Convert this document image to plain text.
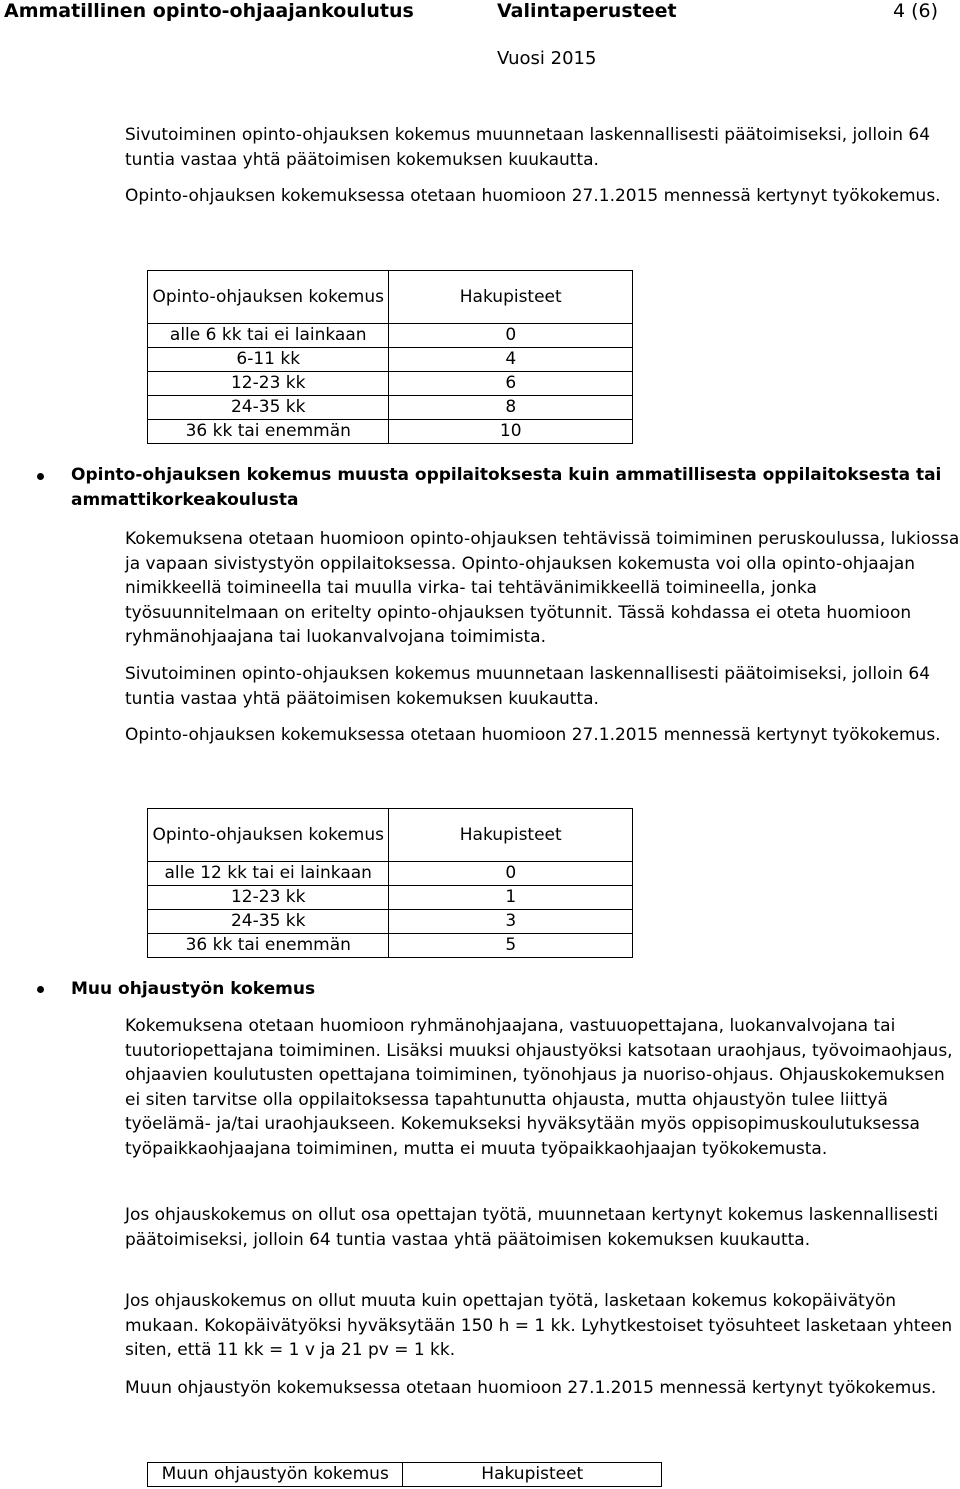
Ammatillinen opinto-ohjaajankoulutus	Valintaperusteet	4 (6)
Vuosi 2015

Sivutoiminen opinto-ohjauksen kokemus muunnetaan laskennallisesti päätoimiseksi, jolloin 64 tuntia vastaa yhtä päätoimisen kokemuksen kuukautta.

Opinto-ohjauksen kokemuksessa otetaan huomioon 27.1.2015 mennessä kertynyt työkokemus.

Opinto-ohjauksen kokemus	Hakupisteet
alle 6 kk tai ei lainkaan	0
6-11 kk	4
12-23 kk	6
24-35 kk	8
36 kk tai enemmän	10

Opinto-ohjauksen kokemus muusta oppilaitoksesta kuin ammatillisesta oppilaitoksesta tai ammattikorkeakoulusta

Kokemuksena otetaan huomioon opinto-ohjauksen tehtävissä toimiminen peruskoulussa, lukiossa ja vapaan sivistystyön oppilaitoksessa. Opinto-ohjauksen kokemusta voi olla opinto-ohjaajan nimikkeellä toimineella tai muulla virka- tai tehtävänimikkeellä toimineella, jonka työsuunnitelmaan on eritelty opinto-ohjauksen työtunnit. Tässä kohdassa ei oteta huomioon ryhmänohjaajana tai luokanvalvojana toimimista.

Sivutoiminen opinto-ohjauksen kokemus muunnetaan laskennallisesti päätoimiseksi, jolloin 64 tuntia vastaa yhtä päätoimisen kokemuksen kuukautta.

Opinto-ohjauksen kokemuksessa otetaan huomioon 27.1.2015 mennessä kertynyt työkokemus.

Opinto-ohjauksen kokemus	Hakupisteet
alle 12 kk tai ei lainkaan	0
12-23 kk	1
24-35 kk	3
36 kk tai enemmän	5

Muu ohjaustyön kokemus

Kokemuksena otetaan huomioon ryhmänohjaajana, vastuuopettajana, luokanvalvojana tai tuutoriopettajana toimiminen. Lisäksi muuksi ohjaustyöksi katsotaan uraohjaus, työvoimaohjaus, ohjaavien koulutusten opettajana toimiminen, työnohjaus ja nuoriso-ohjaus. Ohjauskokemuksen ei siten tarvitse olla oppilaitoksessa tapahtunutta ohjausta, mutta ohjaustyön tulee liittyä työelämä- ja/tai uraohjaukseen. Kokemukseksi hyväksytään myös oppisopimuskoulutuksessa työpaikkaohjaajana toimiminen, mutta ei muuta työpaikkaohjaajan työkokemusta.

Jos ohjauskokemus on ollut osa opettajan työtä, muunnetaan kertynyt kokemus laskennallisesti päätoimiseksi, jolloin 64 tuntia vastaa yhtä päätoimisen kokemuksen kuukautta.

Jos ohjauskokemus on ollut muuta kuin opettajan työtä, lasketaan kokemus kokopäivätyön mukaan. Kokopäivätyöksi hyväksytään 150 h = 1 kk. Lyhytkestoiset työsuhteet lasketaan yhteen siten, että 11 kk = 1 v ja 21 pv = 1 kk.

Muun ohjaustyön kokemuksessa otetaan huomioon 27.1.2015 mennessä kertynyt työkokemus.

Muun ohjaustyön kokemus	Hakupisteet
